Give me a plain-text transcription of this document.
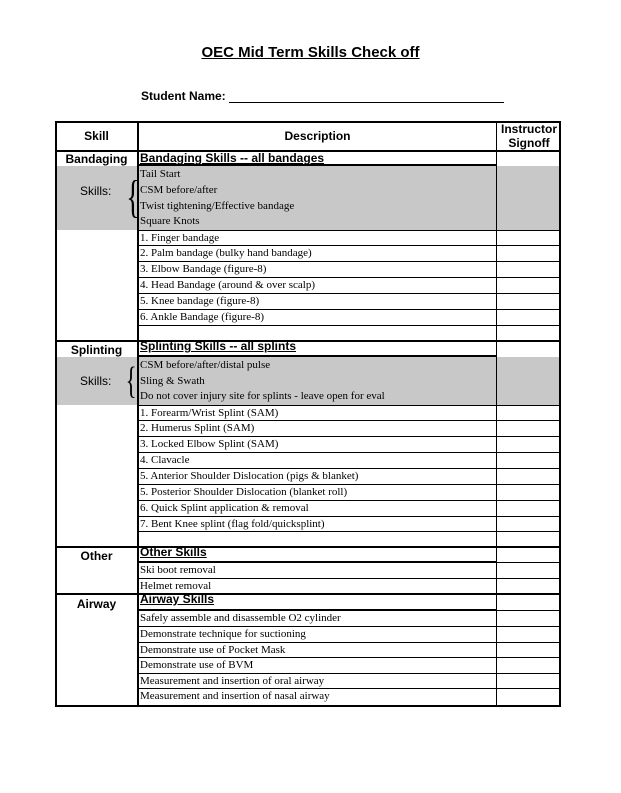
OEC Mid Term Skills Check off
Student Name:
Skill	Description	Instructor Signoff
Bandaging	Bandaging Skills -- all bandages
Skills: { Tail Start
CSM before/after
Twist tightening/Effective bandage
Square Knots
1. Finger bandage
2. Palm bandage (bulky hand bandage)
3. Elbow Bandage (figure-8)
4. Head Bandage (around & over scalp)
5. Knee bandage (figure-8)
6. Ankle Bandage (figure-8)
Splinting	Splinting Skills -- all splints
Skills: { CSM before/after/distal pulse
Sling & Swath
Do not cover injury site for splints - leave open for eval
1. Forearm/Wrist Splint (SAM)
2. Humerus Splint (SAM)
3. Locked Elbow Splint (SAM)
4. Clavacle
5. Anterior Shoulder Dislocation (pigs & blanket)
5. Posterior Shoulder Dislocation (blanket roll)
6. Quick Splint application & removal
7. Bent Knee splint (flag fold/quicksplint)
Other	Other Skills
Ski boot removal
Helmet removal
Airway	Airway Skills
Safely assemble and disassemble O2 cylinder
Demonstrate technique for suctioning
Demonstrate use of Pocket Mask
Demonstrate use of BVM
Measurement and insertion of oral airway
Measurement and insertion of nasal airway
